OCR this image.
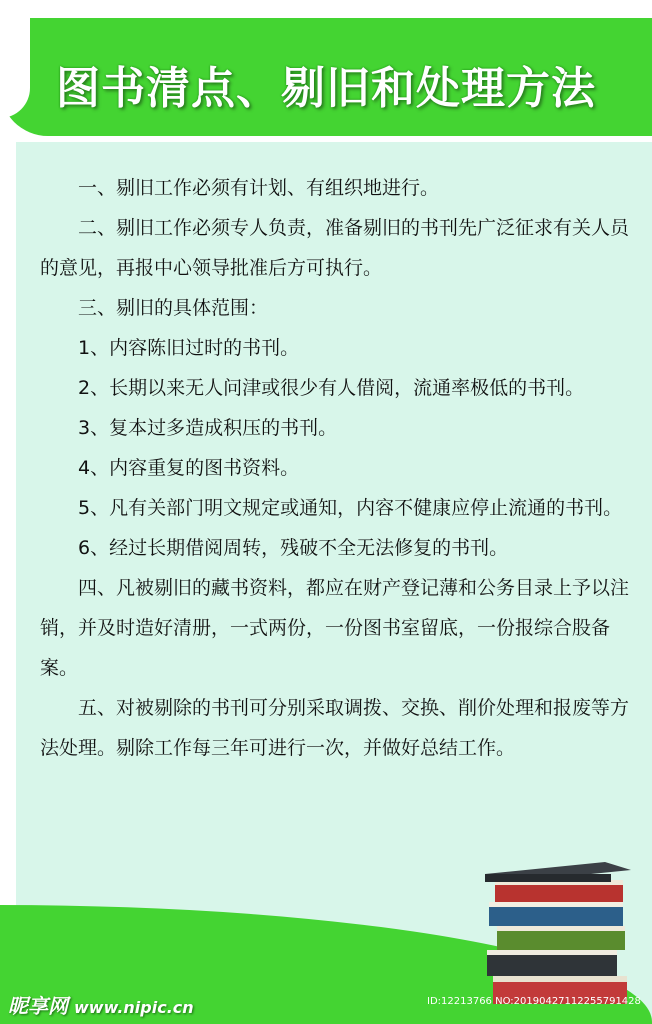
图书清点、剔旧和处理方法

一、剔旧工作必须有计划、有组织地进行。

二、剔旧工作必须专人负责，准备剔旧的书刊先广泛征求有关人员的意见，再报中心领导批准后方可执行。

三、剔旧的具体范围：

1、内容陈旧过时的书刊。

2、长期以来无人问津或很少有人借阅，流通率极低的书刊。

3、复本过多造成积压的书刊。

4、内容重复的图书资料。

5、凡有关部门明文规定或通知，内容不健康应停止流通的书刊。

6、经过长期借阅周转，残破不全无法修复的书刊。

四、凡被剔旧的藏书资料，都应在财产登记薄和公务目录上予以注销，并及时造好清册，一式两份，一份图书室留底，一份报综合股备案。

五、对被剔除的书刊可分别采取调拨、交换、削价处理和报废等方法处理。剔除工作每三年可进行一次，并做好总结工作。

昵享网 www.nipic.cn	ID:12213766 NO:20190427112255791428
